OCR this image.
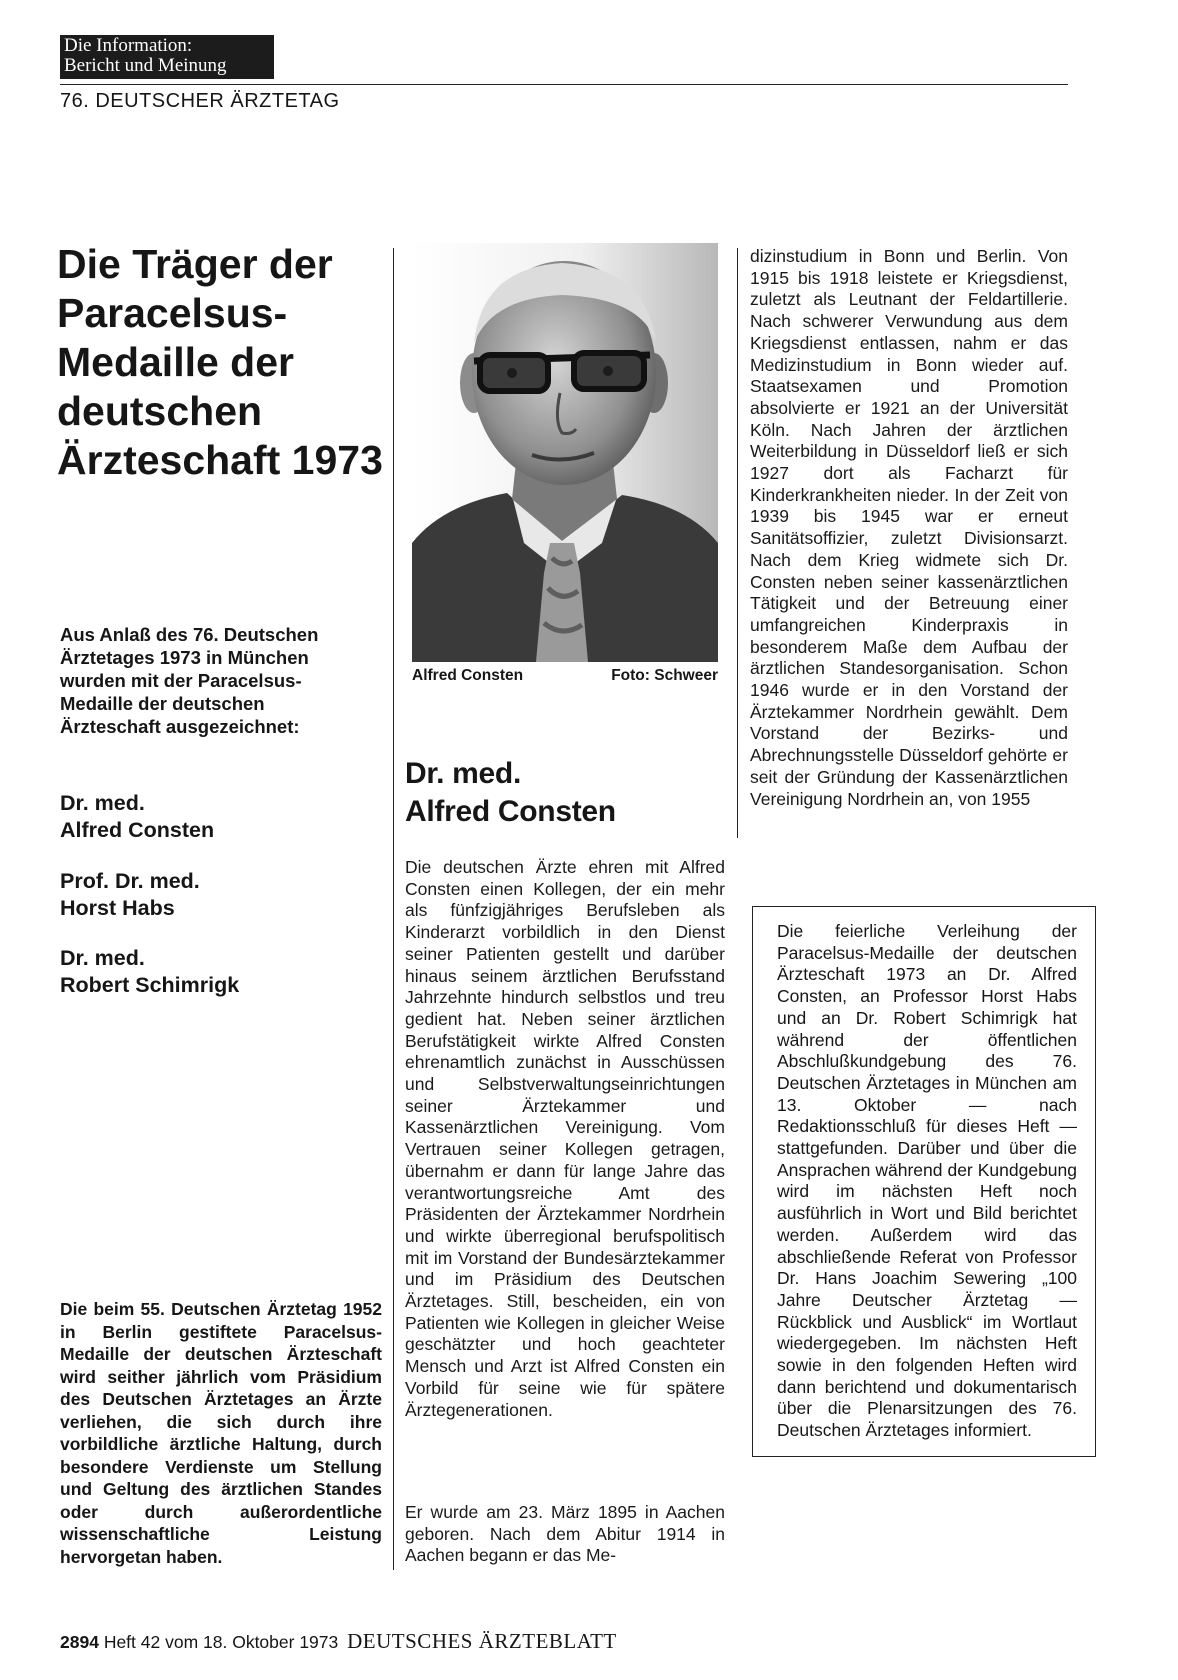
Die Information:
Bericht und Meinung
76. DEUTSCHER ÄRZTETAG
Die Träger der Paracelsus-Medaille der deutschen Ärzteschaft 1973

Aus Anlaß des 76. Deutschen Ärztetages 1973 in München wurden mit der Paracelsus-Medaille der deutschen Ärzteschaft ausgezeichnet:

Dr. med.
Alfred Consten
Prof. Dr. med.
Horst Habs
Dr. med.
Robert Schimrigk

Die beim 55. Deutschen Ärztetag 1952 in Berlin gestiftete Paracelsus-Medaille der deutschen Ärzteschaft wird seither jährlich vom Präsidium des Deutschen Ärztetages an Ärzte verliehen, die sich durch ihre vorbildliche ärztliche Haltung, durch besondere Verdienste um Stellung und Geltung des ärztlichen Standes oder durch außerordentliche wissenschaftliche Leistung hervorgetan haben.

Alfred Consten	Foto: Schweer
Dr. med.
Alfred Consten

Die deutschen Ärzte ehren mit Alfred Consten einen Kollegen, der ein mehr als fünfzigjähriges Berufsleben als Kinderarzt vorbildlich in den Dienst seiner Patienten gestellt und darüber hinaus seinem ärztlichen Berufsstand Jahrzehnte hindurch selbstlos und treu gedient hat. Neben seiner ärztlichen Berufstätigkeit wirkte Alfred Consten ehrenamtlich zunächst in Ausschüssen und Selbstverwaltungseinrichtungen seiner Ärztekammer und Kassenärztlichen Vereinigung. Vom Vertrauen seiner Kollegen getragen, übernahm er dann für lange Jahre das verantwortungsreiche Amt des Präsidenten der Ärztekammer Nordrhein und wirkte überregional berufspolitisch mit im Vorstand der Bundesärztekammer und im Präsidium des Deutschen Ärztetages. Still, bescheiden, ein von Patienten wie Kollegen in gleicher Weise geschätzter und hoch geachteter Mensch und Arzt ist Alfred Consten ein Vorbild für seine wie für spätere Ärztegenerationen.

Er wurde am 23. März 1895 in Aachen geboren. Nach dem Abitur 1914 in Aachen begann er das Me-

dizinstudium in Bonn und Berlin. Von 1915 bis 1918 leistete er Kriegsdienst, zuletzt als Leutnant der Feldartillerie. Nach schwerer Verwundung aus dem Kriegsdienst entlassen, nahm er das Medizinstudium in Bonn wieder auf. Staatsexamen und Promotion absolvierte er 1921 an der Universität Köln. Nach Jahren der ärztlichen Weiterbildung in Düsseldorf ließ er sich 1927 dort als Facharzt für Kinderkrankheiten nieder. In der Zeit von 1939 bis 1945 war er erneut Sanitätsoffizier, zuletzt Divisionsarzt. Nach dem Krieg widmete sich Dr. Consten neben seiner kassenärztlichen Tätigkeit und der Betreuung einer umfangreichen Kinderpraxis in besonderem Maße dem Aufbau der ärztlichen Standesorganisation. Schon 1946 wurde er in den Vorstand der Ärztekammer Nordrhein gewählt. Dem Vorstand der Bezirks- und Abrechnungsstelle Düsseldorf gehörte er seit der Gründung der Kassenärztlichen Vereinigung Nordrhein an, von 1955

Die feierliche Verleihung der Paracelsus-Medaille der deutschen Ärzteschaft 1973 an Dr. Alfred Consten, an Professor Horst Habs und an Dr. Robert Schimrigk hat während der öffentlichen Abschlußkundgebung des 76. Deutschen Ärztetages in München am 13. Oktober — nach Redaktionsschluß für dieses Heft — stattgefunden. Darüber und über die Ansprachen während der Kundgebung wird im nächsten Heft noch ausführlich in Wort und Bild berichtet werden. Außerdem wird das abschließende Referat von Professor Dr. Hans Joachim Sewering „100 Jahre Deutscher Ärztetag — Rückblick und Ausblick“ im Wortlaut wiedergegeben. Im nächsten Heft sowie in den folgenden Heften wird dann berichtend und dokumentarisch über die Plenarsitzungen des 76. Deutschen Ärztetages informiert.

2894 Heft 42 vom 18. Oktober 1973 DEUTSCHES ÄRZTEBLATT
